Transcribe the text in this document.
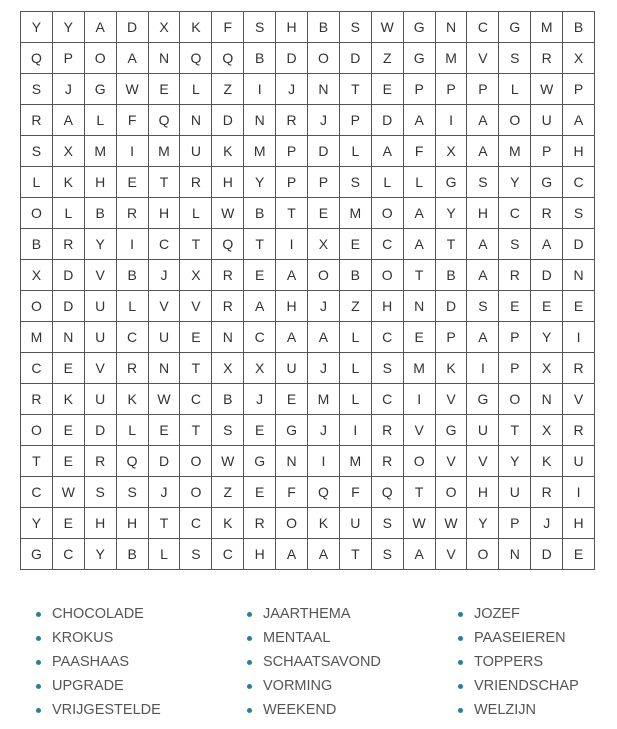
Y	Y	A	D	X	K	F	S	H	B	S	W	G	N	C	G	M	B
Q	P	O	A	N	Q	Q	B	D	O	D	Z	G	M	V	S	R	X
S	J	G	W	E	L	Z	I	J	N	T	E	P	P	P	L	W	P
R	A	L	F	Q	N	D	N	R	J	P	D	A	I	A	O	U	A
S	X	M	I	M	U	K	M	P	D	L	A	F	X	A	M	P	H
L	K	H	E	T	R	H	Y	P	P	S	L	L	G	S	Y	G	C
O	L	B	R	H	L	W	B	T	E	M	O	A	Y	H	C	R	S
B	R	Y	I	C	T	Q	T	I	X	E	C	A	T	A	S	A	D
X	D	V	B	J	X	R	E	A	O	B	O	T	B	A	R	D	N
O	D	U	L	V	V	R	A	H	J	Z	H	N	D	S	E	E	E
M	N	U	C	U	E	N	C	A	A	L	C	E	P	A	P	Y	I
C	E	V	R	N	T	X	X	U	J	L	S	M	K	I	P	X	R
R	K	U	K	W	C	B	J	E	M	L	C	I	V	G	O	N	V
O	E	D	L	E	T	S	E	G	J	I	R	V	G	U	T	X	R
T	E	R	Q	D	O	W	G	N	I	M	R	O	V	V	Y	K	U
C	W	S	S	J	O	Z	E	F	Q	F	Q	T	O	H	U	R	I
Y	E	H	H	T	C	K	R	O	K	U	S	W	W	Y	P	J	H
G	C	Y	B	L	S	C	H	A	A	T	S	A	V	O	N	D	E
CHOCOLADE
KROKUS
PAASHAAS
UPGRADE
VRIJGESTELDE
JAARTHEMA
MENTAAL
SCHAATSAVOND
VORMING
WEEKEND
JOZEF
PAASEIEREN
TOPPERS
VRIENDSCHAP
WELZIJN
